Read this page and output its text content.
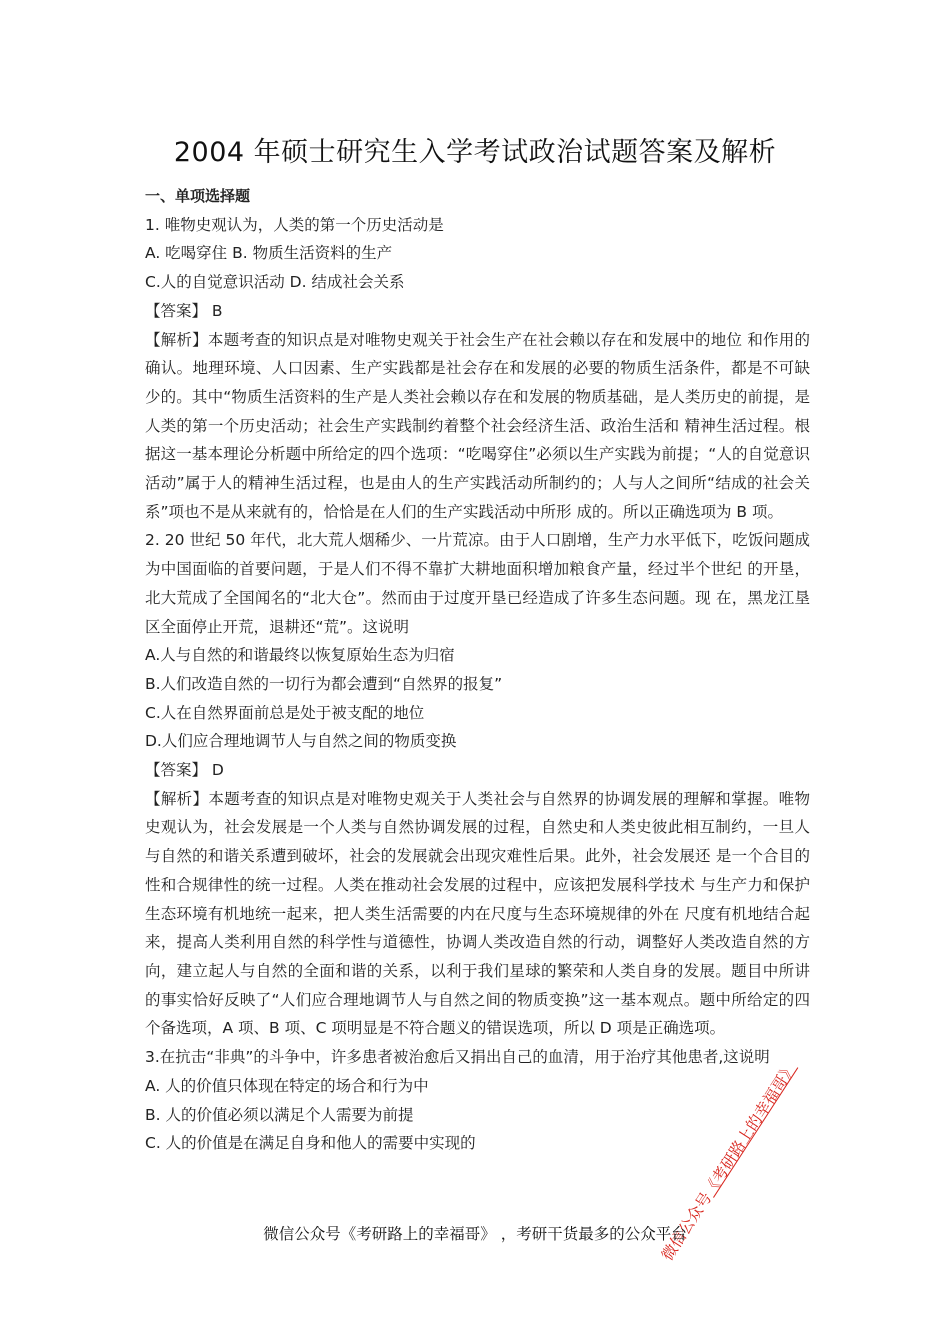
2004 年硕士研究生入学考试政治试题答案及解析
一、单项选择题
1. 唯物史观认为，人类的第一个历史活动是
A. 吃喝穿住 B. 物质生活资料的生产
C.人的自觉意识活动 D. 结成社会关系
【答案】 B
【解析】本题考查的知识点是对唯物史观关于社会生产在社会赖以存在和发展中的地位 和作用的确认。地理环境、人口因素、生产实践都是社会存在和发展的必要的物质生活条件，都是不可缺少的。其中“物质生活资料的生产是人类社会赖以存在和发展的物质基础，是人类历史的前提，是人类的第一个历史活动；社会生产实践制约着整个社会经济生活、政治生活和 精神生活过程。根据这一基本理论分析题中所给定的四个选项：“吃喝穿住”必须以生产实践为前提；“人的自觉意识活动”属于人的精神生活过程，也是由人的生产实践活动所制约的；人与人之间所“结成的社会关系”项也不是从来就有的，恰恰是在人们的生产实践活动中所形 成的。所以正确选项为 B 项。
2. 20 世纪 50 年代，北大荒人烟稀少、一片荒凉。由于人口剧增，生产力水平低下，吃饭问题成为中国面临的首要问题，于是人们不得不靠扩大耕地面积增加粮食产量，经过半个世纪 的开垦，北大荒成了全国闻名的“北大仓”。然而由于过度开垦已经造成了许多生态问题。现 在，黑龙江垦区全面停止开荒，退耕还“荒”。这说明
A.人与自然的和谐最终以恢复原始生态为归宿
B.人们改造自然的一切行为都会遭到“自然界的报复”
C.人在自然界面前总是处于被支配的地位
D.人们应合理地调节人与自然之间的物质变换
【答案】 D
【解析】本题考查的知识点是对唯物史观关于人类社会与自然界的协调发展的理解和掌握。唯物史观认为，社会发展是一个人类与自然协调发展的过程，自然史和人类史彼此相互制约，一旦人与自然的和谐关系遭到破坏，社会的发展就会出现灾难性后果。此外，社会发展还 是一个合目的性和合规律性的统一过程。人类在推动社会发展的过程中，应该把发展科学技术 与生产力和保护生态环境有机地统一起来，把人类生活需要的内在尺度与生态环境规律的外在 尺度有机地结合起来，提高人类利用自然的科学性与道德性，协调人类改造自然的行动，调整好人类改造自然的方向，建立起人与自然的全面和谐的关系，以利于我们星球的繁荣和人类自身的发展。题目中所讲的事实恰好反映了“人们应合理地调节人与自然之间的物质变换”这一基本观点。题中所给定的四个备选项，A 项、B 项、C 项明显是不符合题义的错误选项，所以 D 项是正确选项。
3.在抗击“非典”的斗争中，许多患者被治愈后又捐出自己的血清，用于治疗其他患者,这说明
A. 人的价值只体现在特定的场合和行为中
B. 人的价值必须以满足个人需要为前提
C. 人的价值是在满足自身和他人的需要中实现的
微信公众号《考研路上的幸福哥》
微信公众号《考研路上的幸福哥》 ，考研干货最多的公众平台
